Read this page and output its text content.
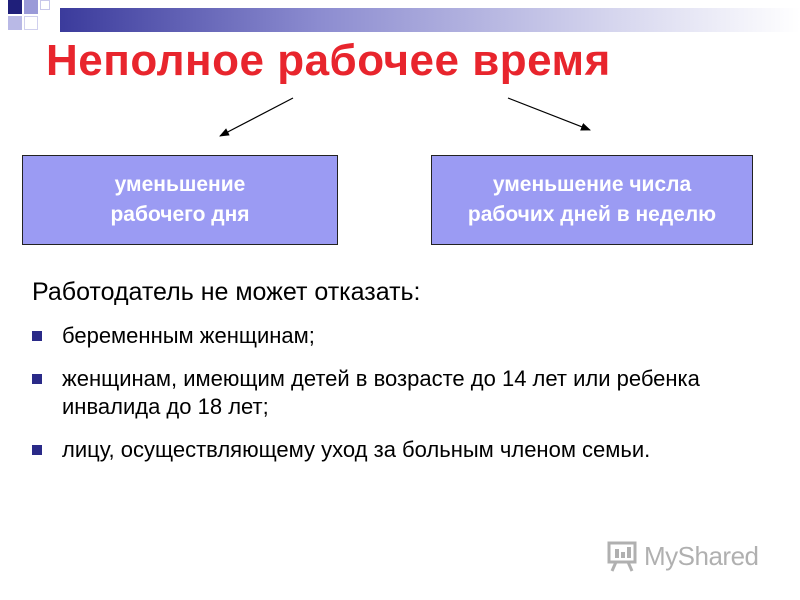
Неполное рабочее время
уменьшение
рабочего дня
уменьшение числа
рабочих дней в неделю
Работодатель не может отказать:
беременным женщинам;
женщинам, имеющим детей в возрасте до 14 лет или ребенка инвалида до 18 лет;
лицу, осуществляющему уход за больным членом семьи.
MyShared
